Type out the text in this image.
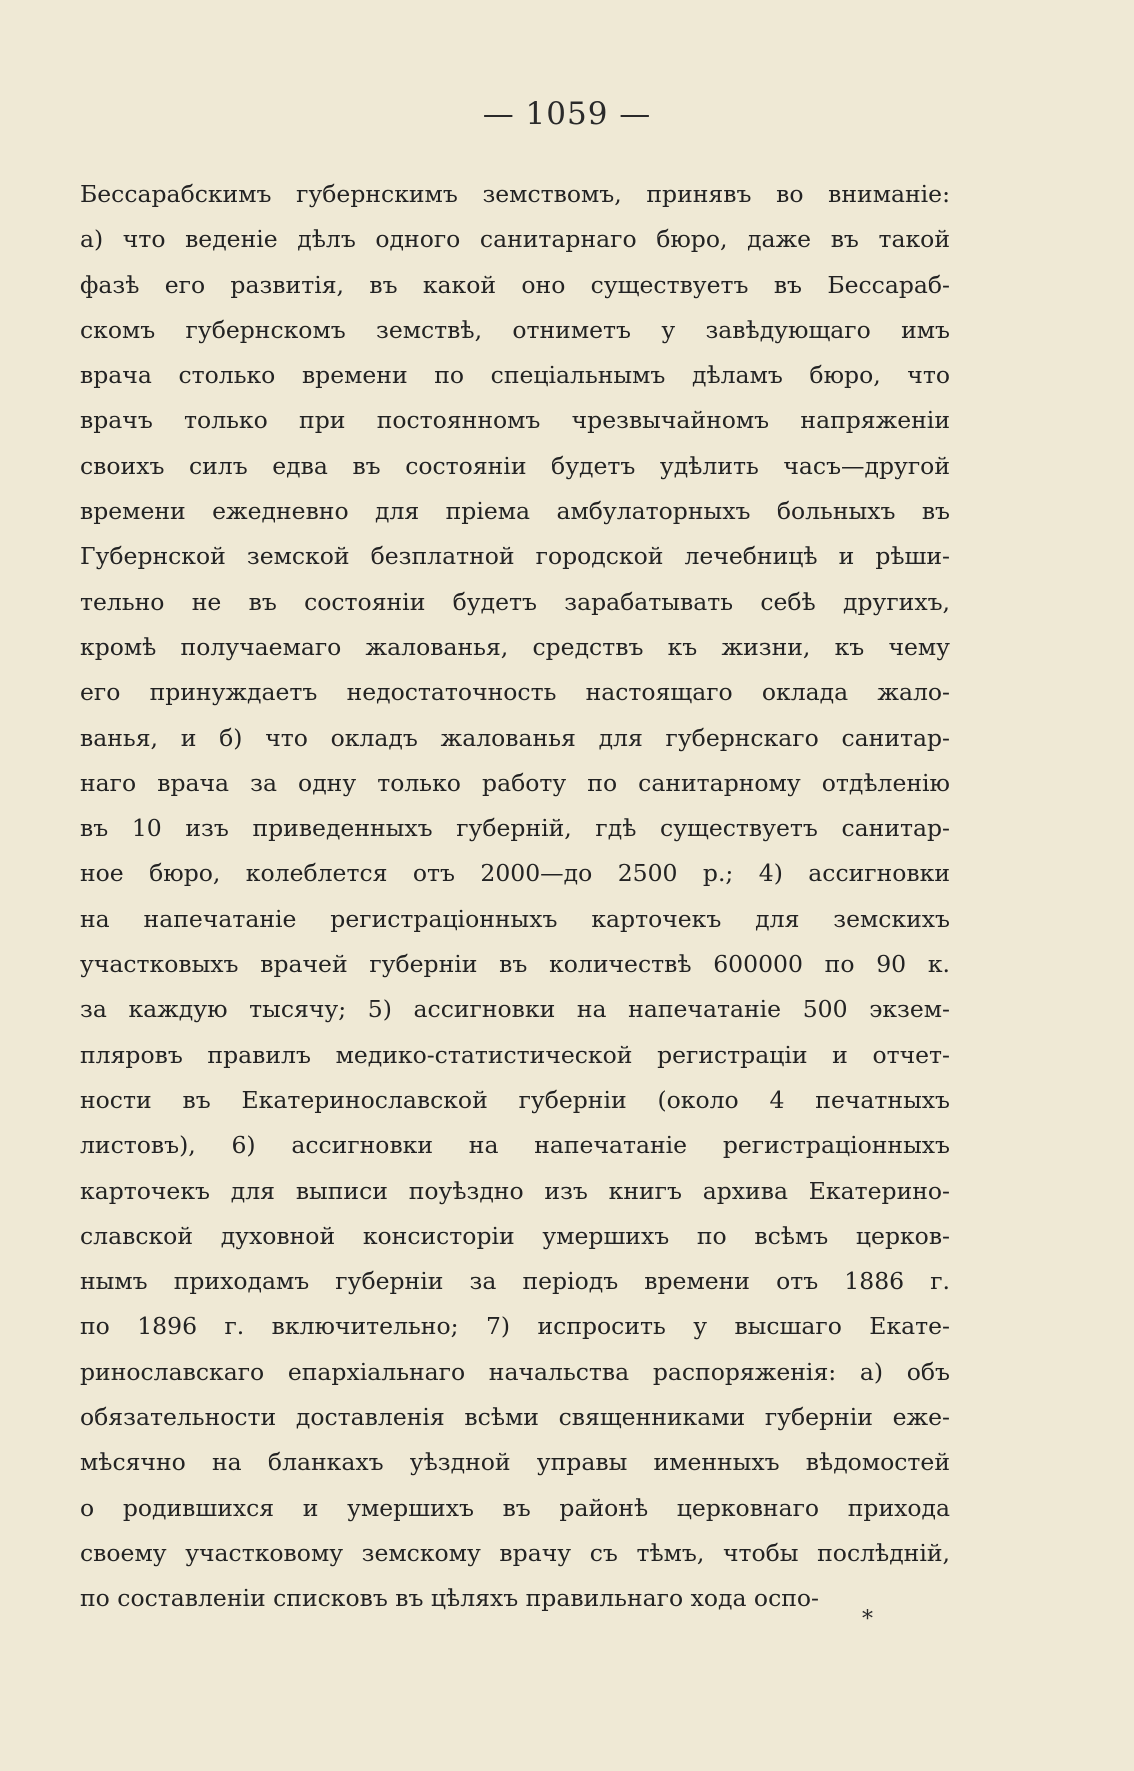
— 1059 —
Бессарабскимъ губернскимъ земствомъ, принявъ во вниманіе:
а) что веденіе дѣлъ одного санитарнаго бюро, даже въ такой
фазѣ его развитія, въ какой оно существуетъ въ Бессараб-
скомъ губернскомъ земствѣ, отниметъ у завѣдующаго имъ
врача столько времени по спеціальнымъ дѣламъ бюро, что
врачъ только при постоянномъ чрезвычайномъ напряженіи
своихъ силъ едва въ состояніи будетъ удѣлить часъ—другой
времени ежедневно для пріема амбулаторныхъ больныхъ въ
Губернской земской безплатной городской лечебницѣ и рѣши-
тельно не въ состояніи будетъ зарабатывать себѣ другихъ,
кромѣ получаемаго жалованья, средствъ къ жизни, къ чему
его принуждаетъ недостаточность настоящаго оклада жало-
ванья, и б) что окладъ жалованья для губернскаго санитар-
наго врача за одну только работу по санитарному отдѣленію
въ 10 изъ приведенныхъ губерній, гдѣ существуетъ санитар-
ное бюро, колеблется отъ 2000—до 2500 р.; 4) ассигновки
на напечатаніе регистраціонныхъ карточекъ для земскихъ
участковыхъ врачей губерніи въ количествѣ 600000 по 90 к.
за каждую тысячу; 5) ассигновки на напечатаніе 500 экзем-
пляровъ правилъ медико-статистической регистраціи и отчет-
ности въ Екатеринославской губерніи (около 4 печатныхъ
листовъ), 6) ассигновки на напечатаніе регистраціонныхъ
карточекъ для выписи поуѣздно изъ книгъ архива Екатерино-
славской духовной консисторіи умершихъ по всѣмъ церков-
нымъ приходамъ губерніи за періодъ времени отъ 1886 г.
по 1896 г. включительно; 7) испросить у высшаго Екате-
ринославскаго епархіальнаго начальства распоряженія: а) объ
обязательности доставленія всѣми священниками губерніи еже-
мѣсячно на бланкахъ уѣздной управы именныхъ вѣдомостей
о родившихся и умершихъ въ районѣ церковнаго прихода
своему участковому земскому врачу съ тѣмъ, чтобы послѣдній,
по составленіи списковъ въ цѣляхъ правильнаго хода оспо-
*
